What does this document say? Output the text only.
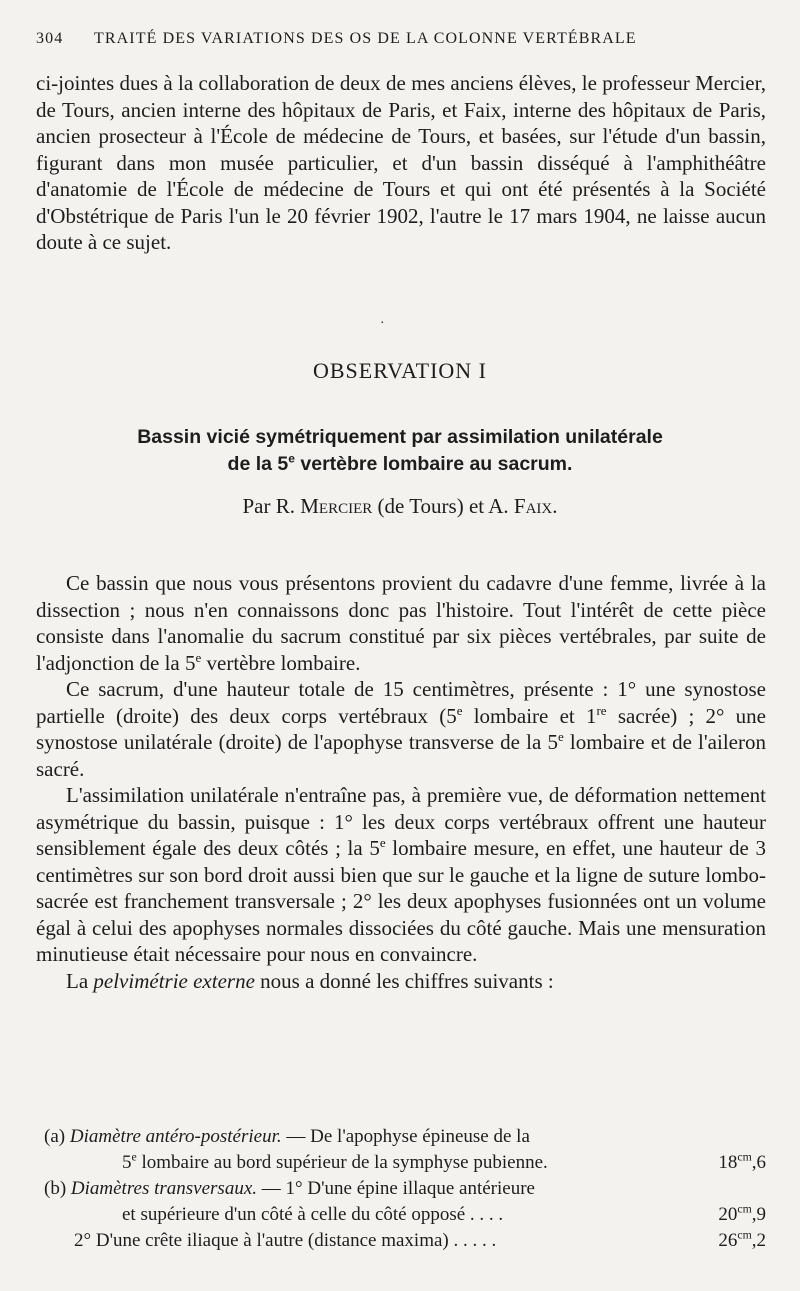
304 TRAITÉ DES VARIATIONS DES OS DE LA COLONNE VERTÉBRALE

ci-jointes dues à la collaboration de deux de mes anciens élèves, le professeur Mercier, de Tours, ancien interne des hôpitaux de Paris, et Faix, interne des hôpitaux de Paris, ancien prosecteur à l'École de médecine de Tours, et basées, sur l'étude d'un bassin, figurant dans mon musée particulier, et d'un bassin disséqué à l'amphithéâtre d'anatomie de l'École de médecine de Tours et qui ont été présentés à la Société d'Obstétrique de Paris l'un le 20 février 1902, l'autre le 17 mars 1904, ne laisse aucun doute à ce sujet.

·
OBSERVATION I
Bassin vicié symétriquement par assimilation unilatérale
de la 5e vertèbre lombaire au sacrum.
Par R. Mercier (de Tours) et A. Faix.

Ce bassin que nous vous présentons provient du cadavre d'une femme, livrée à la dissection ; nous n'en connaissons donc pas l'histoire. Tout l'intérêt de cette pièce consiste dans l'anomalie du sacrum constitué par six pièces vertébrales, par suite de l'adjonction de la 5e vertèbre lombaire.

Ce sacrum, d'une hauteur totale de 15 centimètres, présente : 1° une synostose partielle (droite) des deux corps vertébraux (5e lombaire et 1re sacrée) ; 2° une synostose unilatérale (droite) de l'apophyse transverse de la 5e lombaire et de l'aileron sacré.

L'assimilation unilatérale n'entraîne pas, à première vue, de déformation nettement asymétrique du bassin, puisque : 1° les deux corps vertébraux offrent une hauteur sensiblement égale des deux côtés ; la 5e lombaire mesure, en effet, une hauteur de 3 centimètres sur son bord droit aussi bien que sur le gauche et la ligne de suture lombo-sacrée est franchement transversale ; 2° les deux apophyses fusionnées ont un volume égal à celui des apophyses normales dissociées du côté gauche. Mais une mensuration minutieuse était nécessaire pour nous en convaincre.

La pelvimétrie externe nous a donné les chiffres suivants :

(a) Diamètre antéro-postérieur. — De l'apophyse épineuse de la
5e lombaire au bord supérieur de la symphyse pubienne.	$18^{cm},6$
(b) Diamètres transversaux. — 1° D'une épine illaque antérieure
et supérieure d'un côté à celle du côté opposé . . . .	$20^{cm},9$
2° D'une crête iliaque à l'autre (distance maxima) . . . . .	$26^{cm},2$
